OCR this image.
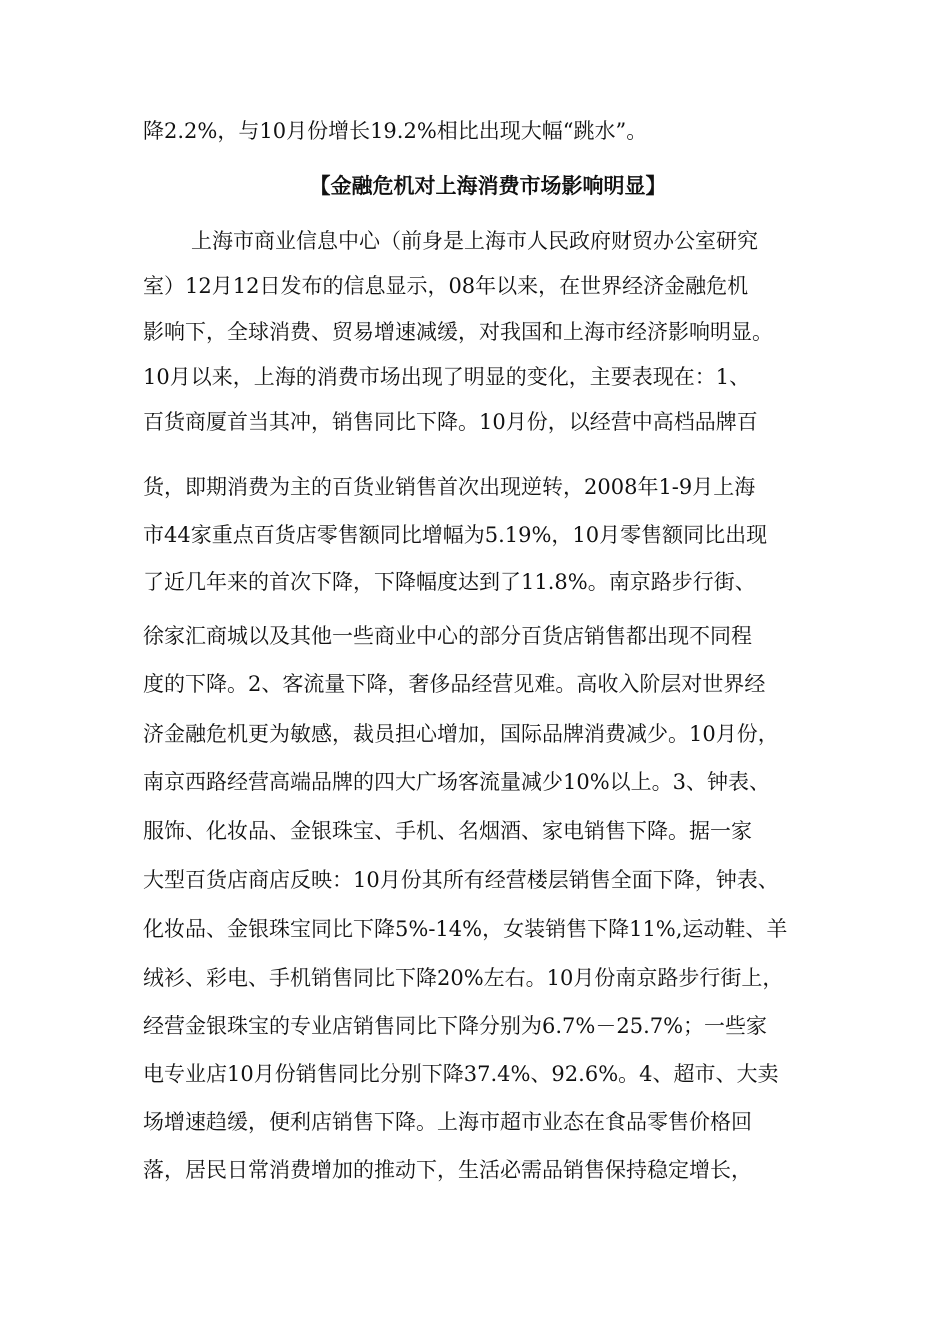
降2.2%，与10月份增长19.2%相比出现大幅“跳水”。
【金融危机对上海消费市场影响明显】
上海市商业信息中心（前身是上海市人民政府财贸办公室研究
室）12月12日发布的信息显示，08年以来，在世界经济金融危机
影响下，全球消费、贸易增速减缓，对我国和上海市经济影响明显。
10月以来，上海的消费市场出现了明显的变化，主要表现在：1、
百货商厦首当其冲，销售同比下降。10月份，以经营中高档品牌百
货，即期消费为主的百货业销售首次出现逆转，2008年1-9月上海
市44家重点百货店零售额同比增幅为5.19%，10月零售额同比出现
了近几年来的首次下降，下降幅度达到了11.8%。南京路步行街、
徐家汇商城以及其他一些商业中心的部分百货店销售都出现不同程
度的下降。2、客流量下降，奢侈品经营见难。高收入阶层对世界经
济金融危机更为敏感，裁员担心增加，国际品牌消费减少。10月份，
南京西路经营高端品牌的四大广场客流量减少10%以上。3、钟表、
服饰、化妆品、金银珠宝、手机、名烟酒、家电销售下降。据一家
大型百货店商店反映：10月份其所有经营楼层销售全面下降，钟表、
化妆品、金银珠宝同比下降5%-14%，女装销售下降11%,运动鞋、羊
绒衫、彩电、手机销售同比下降20%左右。10月份南京路步行街上，
经营金银珠宝的专业店销售同比下降分别为6.7%－25.7%；一些家
电专业店10月份销售同比分别下降37.4%、92.6%。4、超市、大卖
场增速趋缓，便利店销售下降。上海市超市业态在食品零售价格回
落，居民日常消费增加的推动下，生活必需品销售保持稳定增长，
